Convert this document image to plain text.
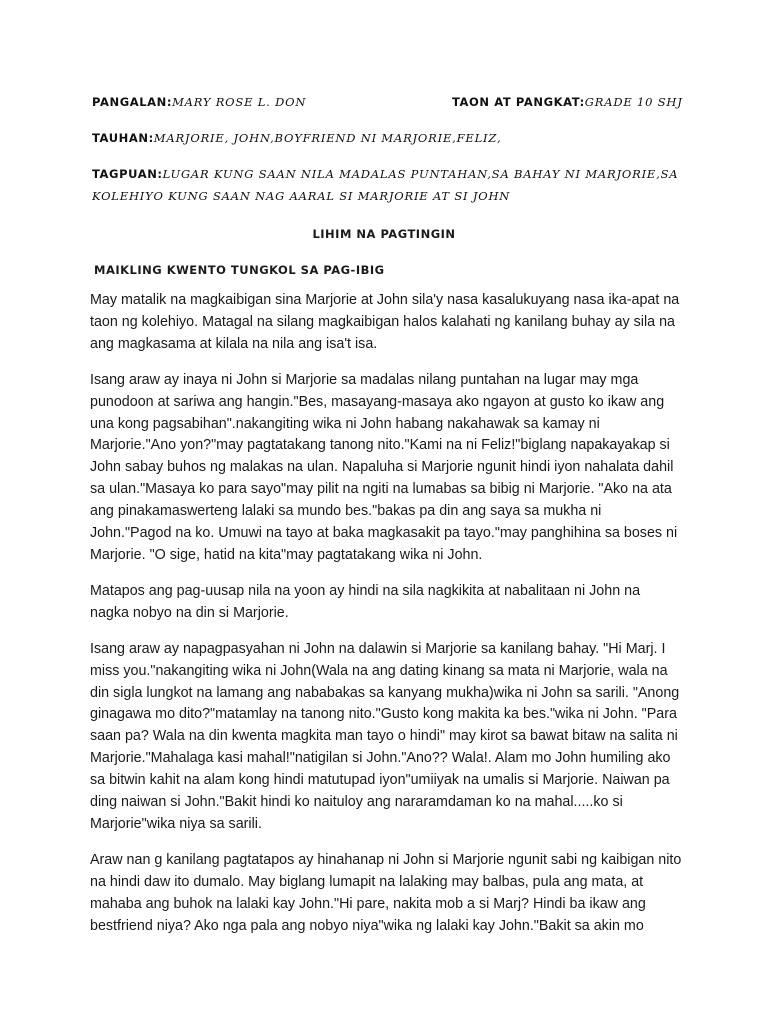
PANGALAN:MARY ROSE L. DON	TAON AT PANGKAT:GRADE 10 SHJ
TAUHAN:MARJORIE, JOHN,BOYFRIEND NI MARJORIE,FELIZ,
TAGPUAN:LUGAR KUNG SAAN NILA MADALAS PUNTAHAN,SA BAHAY NI MARJORIE,SA
KOLEHIYO KUNG SAAN NAG AARAL SI MARJORIE AT SI JOHN
LIHIM NA PAGTINGIN
MAIKLING KWENTO TUNGKOL SA PAG-IBIG

May matalik na magkaibigan sina Marjorie at John sila'y nasa kasalukuyang nasa ika-apat na taon ng kolehiyo. Matagal na silang magkaibigan halos kalahati ng kanilang buhay ay sila na ang magkasama at kilala na nila ang isa't isa.

Isang araw ay inaya ni John si Marjorie sa madalas nilang puntahan na lugar may mga punodoon at sariwa ang hangin."Bes, masayang-masaya ako ngayon at gusto ko ikaw ang una kong pagsabihan".nakangiting wika ni John habang nakahawak sa kamay ni Marjorie."Ano yon?"may pagtatakang tanong nito."Kami na ni Feliz!"biglang napakayakap si John sabay buhos ng malakas na ulan. Napaluha si Marjorie ngunit hindi iyon nahalata dahil sa ulan."Masaya ko para sayo"may pilit na ngiti na lumabas sa bibig ni Marjorie. "Ako na ata ang pinakamaswerteng lalaki sa mundo bes."bakas pa din ang saya sa mukha ni John."Pagod na ko. Umuwi na tayo at baka magkasakit pa tayo."may panghihina sa boses ni Marjorie. "O sige, hatid na kita"may pagtatakang wika ni John.

Matapos ang pag-uusap nila na yoon ay hindi na sila nagkikita at nabalitaan ni John na nagka nobyo na din si Marjorie.

Isang araw ay napagpasyahan ni John na dalawin si Marjorie sa kanilang bahay. "Hi Marj. I miss you."nakangiting wika ni John(Wala na ang dating kinang sa mata ni Marjorie, wala na din sigla lungkot na lamang ang nababakas sa kanyang mukha)wika ni John sa sarili. "Anong ginagawa mo dito?"matamlay na tanong nito."Gusto kong makita ka bes."wika ni John. "Para saan pa? Wala na din kwenta magkita man tayo o hindi" may kirot sa bawat bitaw na salita ni Marjorie."Mahalaga kasi mahal!"natigilan si John."Ano?? Wala!. Alam mo John humiling ako sa bitwin kahit na alam kong hindi matutupad iyon"umiiyak na umalis si Marjorie. Naiwan pa ding naiwan si John."Bakit hindi ko naituloy ang nararamdaman ko na mahal.....ko si Marjorie"wika niya sa sarili.

Araw nan g kanilang pagtatapos ay hinahanap ni John si Marjorie ngunit sabi ng kaibigan nito na hindi daw ito dumalo. May biglang lumapit na lalaking may balbas, pula ang mata, at mahaba ang buhok na lalaki kay John."Hi pare, nakita mob a si Marj? Hindi ba ikaw ang bestfriend niya? Ako nga pala ang nobyo niya"wika ng lalaki kay John."Bakit sa akin mo
